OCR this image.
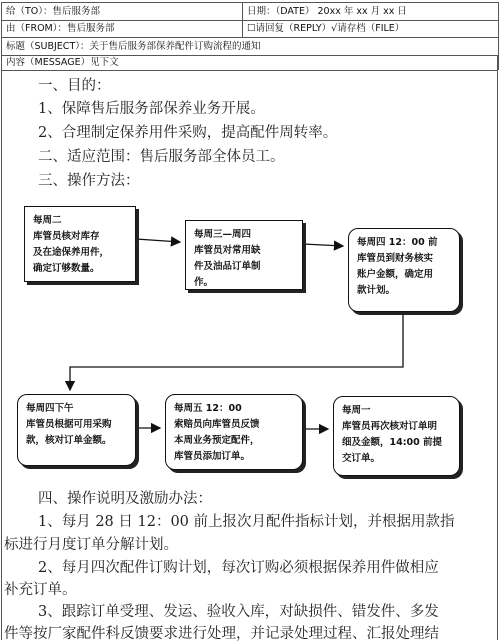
给（TO）：售后服务部	日期：（DATE） 20xx 年 xx 月 xx 日
由（FROM）：售后服务部	☐请回复（REPLY）√请存档（FILE）
标题（SUBJECT）：关于售后服务部保养配件订购流程的通知
内容（MESSAGE）见下文
一、目的：
1、保障售后服务部保养业务开展。
2、合理制定保养用件采购，提高配件周转率。
二、适应范围：售后服务部全体员工。
三、操作方法：
每周二
库管员核对库存
及在途保养用件，
确定订够数量。
每周三—周四
库管员对常用缺
件及油品订单制
作。
每周四 12：00 前
库管员到财务核实
账户金额，确定用
款计划。
每周四下午
库管员根据可用采购
款，核对订单金额。
每周五 12：00
索赔员向库管员反馈
本周业务预定配件，
库管员添加订单。
每周一
库管员再次核对订单明
细及金额，14:00 前提
交订单。
四、操作说明及激励办法：
1、每月 28 日 12：00 前上报次月配件指标计划，并根据用款指
标进行月度订单分解计划。
2、每月四次配件订购计划，每次订购必须根据保养用件做相应
补充订单。
3、跟踪订单受理、发运、验收入库，对缺损件、错发件、多发
件等按厂家配件科反馈要求进行处理，并记录处理过程、汇报处理结
